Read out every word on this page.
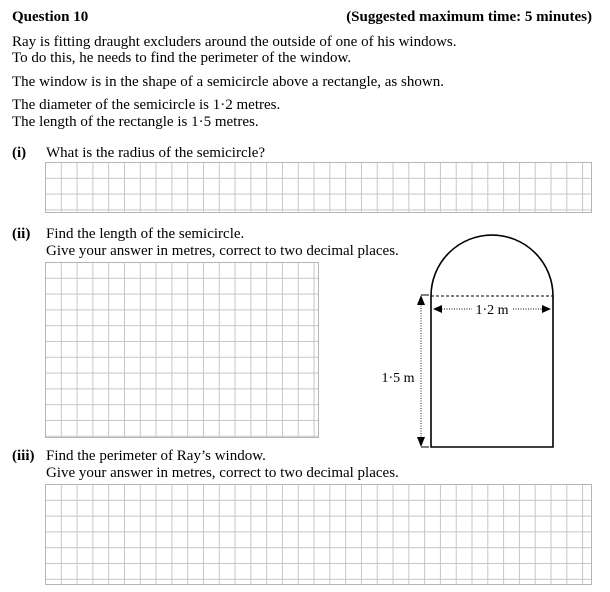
Question 10	(Suggested maximum time: 5 minutes)
Ray is fitting draught excluders around the outside of one of his windows.
To do this, he needs to find the perimeter of the window.
The window is in the shape of a semicircle above a rectangle, as shown.
The diameter of the semicircle is 1·2 metres.
The length of the rectangle is 1·5 metres.
(i) What is the radius of the semicircle?
(ii) Find the length of the semicircle.
Give your answer in metres, correct to two decimal places.
1·2 m
1·5 m
(iii) Find the perimeter of Ray’s window.
Give your answer in metres, correct to two decimal places.
